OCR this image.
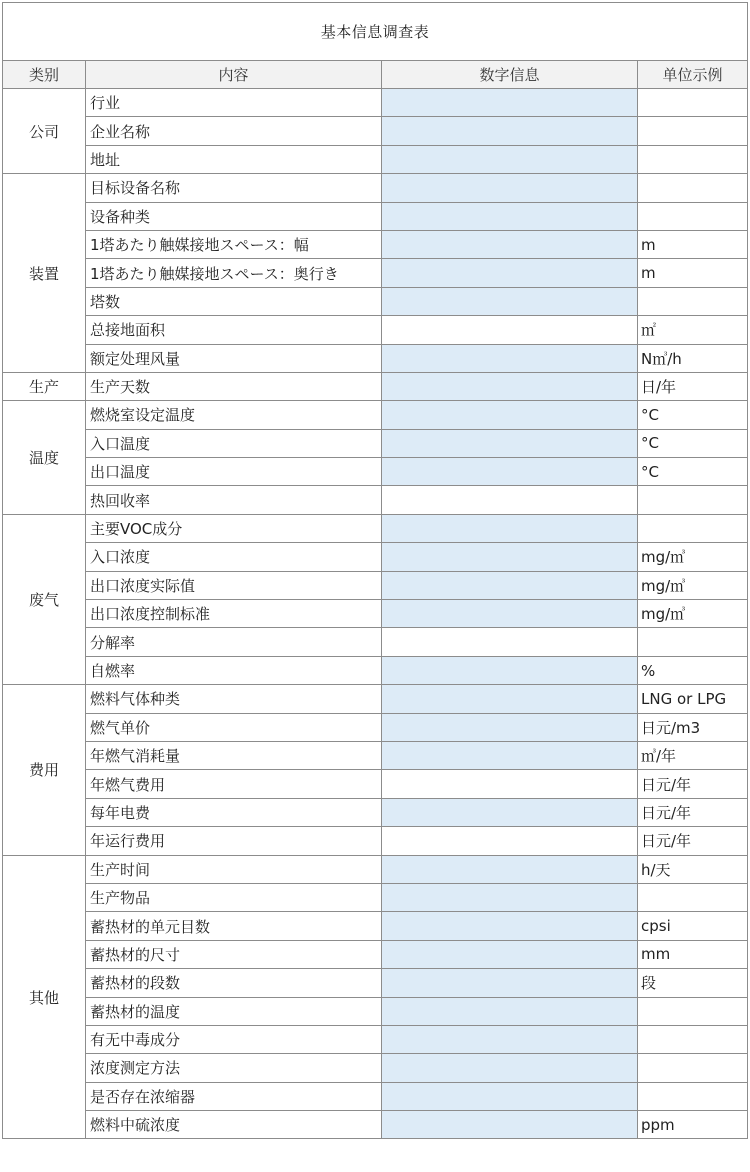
基本信息调查表			
类别	内容	数字信息	单位示例
公司	行业		
	企业名称		
	地址		
装置	目标设备名称		
	设备种类		
	1塔あたり触媒接地スペース：幅		m
	1塔あたり触媒接地スペース：奥行き		m
	塔数		
	总接地面积		㎡
	额定处理风量		N㎥/h
生产	生产天数		日/年
温度	燃烧室设定温度		°C
	入口温度		°C
	出口温度		°C
	热回收率		
废气	主要VOC成分		
	入口浓度		mg/㎥
	出口浓度实际值		mg/㎥
	出口浓度控制标准		mg/㎥
	分解率		
	自燃率		%
费用	燃料气体种类		LNG or LPG
	燃气单价		日元/m3
	年燃气消耗量		㎥/年
	年燃气费用		日元/年
	每年电费		日元/年
	年运行费用		日元/年
其他	生产时间		h/天
	生产物品		
	蓄热材的单元目数		cpsi
	蓄热材的尺寸		mm
	蓄热材的段数		段
	蓄热材的温度		
	有无中毒成分		
	浓度测定方法		
	是否存在浓缩器		
	燃料中硫浓度		ppm
